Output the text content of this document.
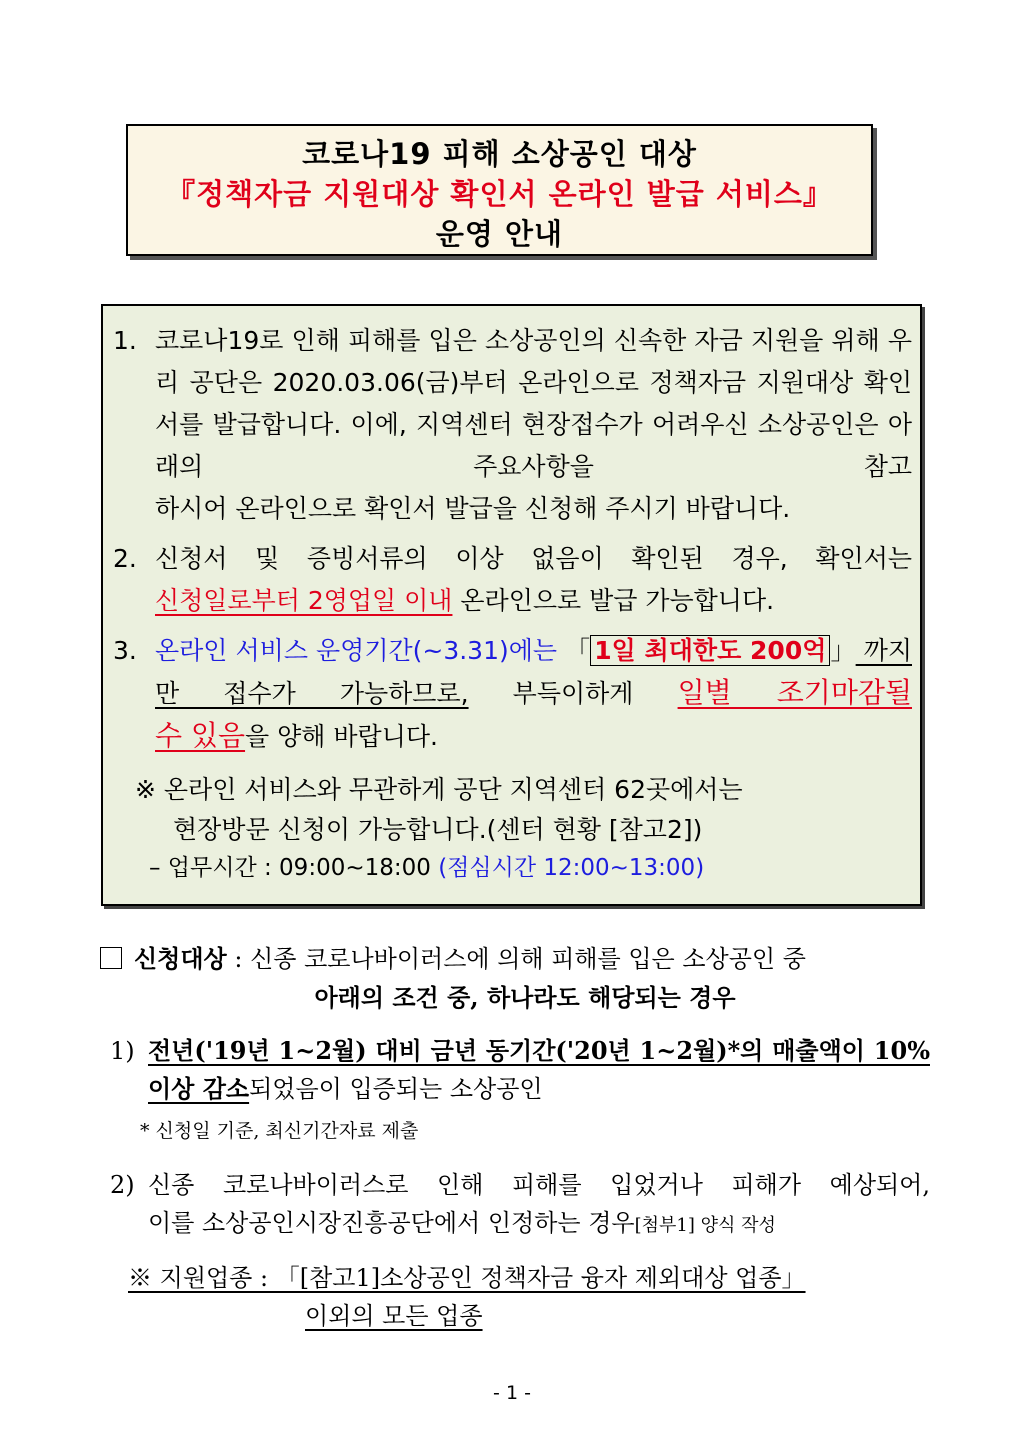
코로나19 피해 소상공인 대상
『정책자금 지원대상 확인서 온라인 발급 서비스』
운영 안내
1. 코로나19로 인해 피해를 입은 소상공인의 신속한 자금 지원을 위해 우리 공단은 2020.03.06(금)부터 온라인으로 정책자금 지원대상 확인서를 발급합니다. 이에, 지역센터 현장접수가 어려우신 소상공인은 아래의 주요사항을 참고
하시어 온라인으로 확인서 발급을 신청해 주시기 바랍니다.
2. 신청서 및 증빙서류의 이상 없음이 확인된 경우, 확인서는
신청일로부터 2영업일 이내 온라인으로 발급 가능합니다.
3. 온라인 서비스 운영기간(~3.31)에는 「 1일 최대한도 200억 」 까지만 접수가 가능하므로, 부득이하게 일별 조기마감될
수 있음을 양해 바랍니다.
※ 온라인 서비스와 무관하게 공단 지역센터 62곳에서는
현장방문 신청이 가능합니다.(센터 현황 [참고2])
– 업무시간 : 09:00~18:00 (점심시간 12:00~13:00)
신청대상 : 신종 코로나바이러스에 의해 피해를 입은 소상공인 중
아래의 조건 중, 하나라도 해당되는 경우
1) 전년('19년 1~2월) 대비 금년 동기간('20년 1~2월)*의 매출액이 10% 이상 감소되었음이 입증되는 소상공인
* 신청일 기준, 최신기간자료 제출
2) 신종 코로나바이러스로 인해 피해를 입었거나 피해가 예상되어,
이를 소상공인시장진흥공단에서 인정하는 경우[첨부1] 양식 작성
※ 지원업종 : 「[참고1]소상공인 정책자금 융자 제외대상 업종」
이외의 모든 업종
- 1 -
